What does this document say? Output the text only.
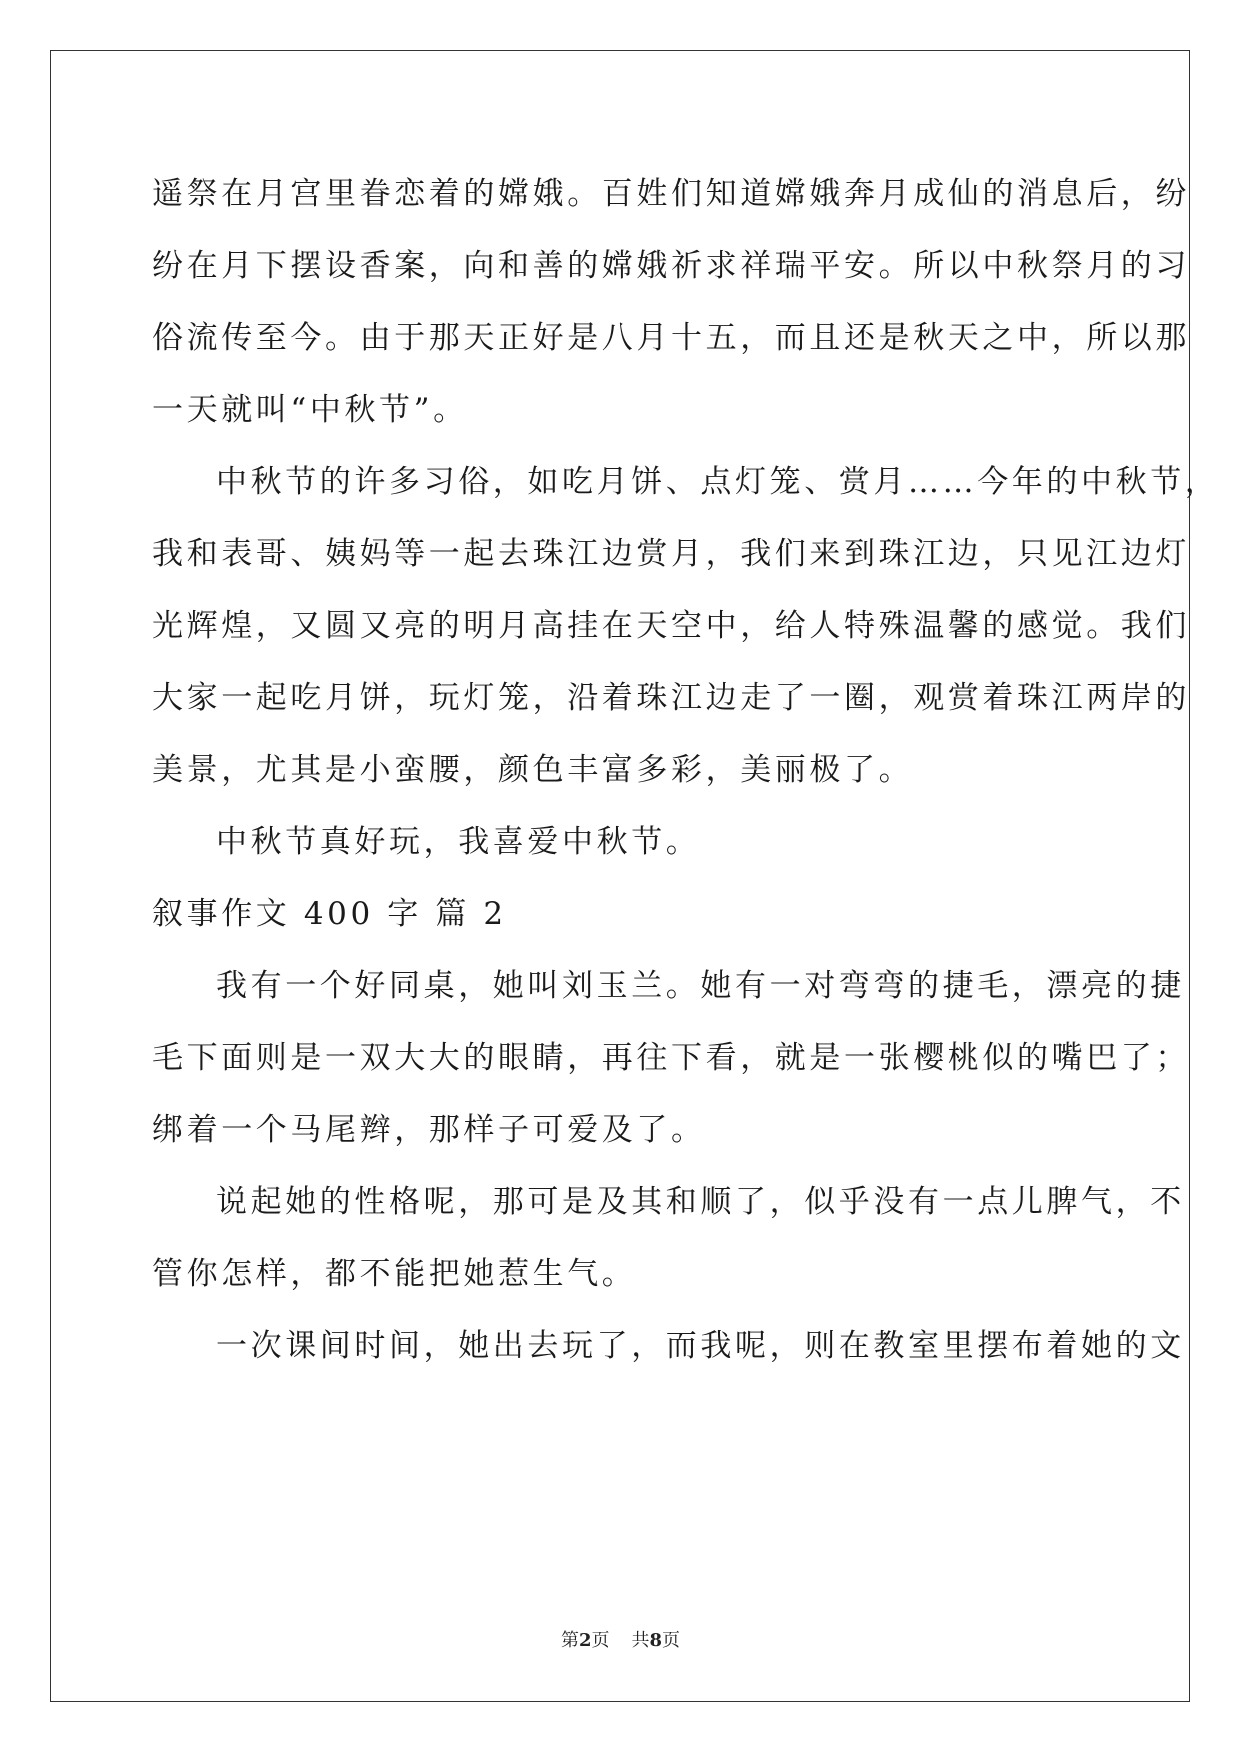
遥祭在月宫里眷恋着的嫦娥。百姓们知道嫦娥奔月成仙的消息后，纷
纷在月下摆设香案，向和善的嫦娥祈求祥瑞平安。所以中秋祭月的习
俗流传至今。由于那天正好是八月十五，而且还是秋天之中，所以那
一天就叫“中秋节”。
中秋节的许多习俗，如吃月饼、点灯笼、赏月……今年的中秋节，
我和表哥、姨妈等一起去珠江边赏月，我们来到珠江边，只见江边灯
光辉煌，又圆又亮的明月高挂在天空中，给人特殊温馨的感觉。我们
大家一起吃月饼，玩灯笼，沿着珠江边走了一圈，观赏着珠江两岸的
美景，尤其是小蛮腰，颜色丰富多彩，美丽极了。
中秋节真好玩，我喜爱中秋节。
叙事作文 400 字 篇 2
我有一个好同桌，她叫刘玉兰。她有一对弯弯的捷毛，漂亮的捷
毛下面则是一双大大的眼睛，再往下看，就是一张樱桃似的嘴巴了；
绑着一个马尾辫，那样子可爱及了。
说起她的性格呢，那可是及其和顺了，似乎没有一点儿脾气，不
管你怎样，都不能把她惹生气。
一次课间时间，她出去玩了，而我呢，则在教室里摆布着她的文
第2页 共8页
